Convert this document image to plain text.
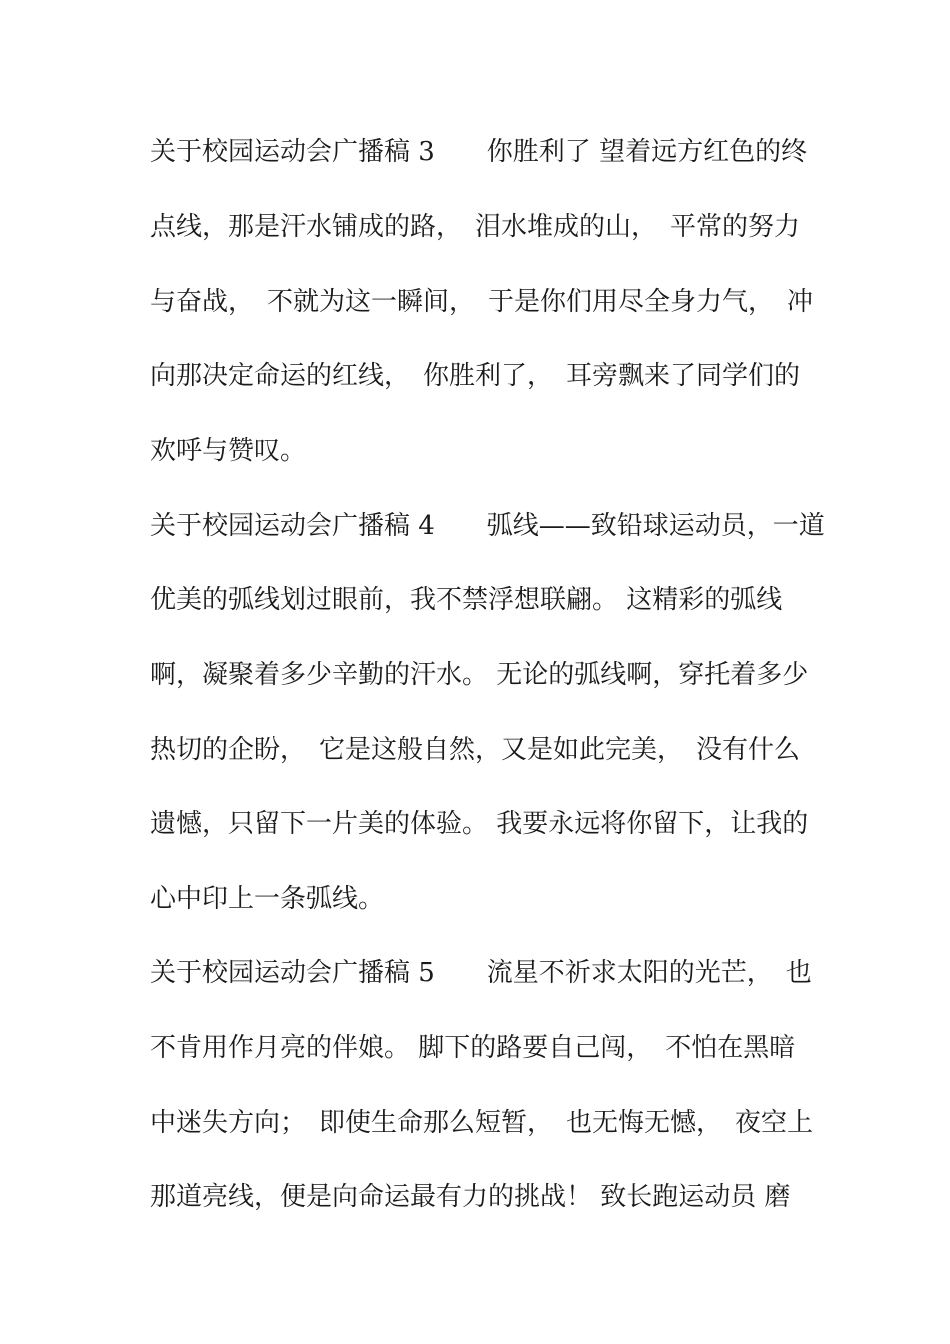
关于校园运动会广播稿 3　　你胜利了 望着远方红色的终
点线，那是汗水铺成的路，　泪水堆成的山，　平常的努力
与奋战，　不就为这一瞬间，　于是你们用尽全身力气，　冲
向那决定命运的红线，　你胜利了，　耳旁飘来了同学们的
欢呼与赞叹。
关于校园运动会广播稿 4　　弧线——致铅球运动员，一道
优美的弧线划过眼前，我不禁浮想联翩。 这精彩的弧线
啊，凝聚着多少辛勤的汗水。 无论的弧线啊，穿托着多少
热切的企盼，　它是这般自然，又是如此完美，　没有什么
遗憾，只留下一片美的体验。 我要永远将你留下，让我的
心中印上一条弧线。
关于校园运动会广播稿 5　　流星不祈求太阳的光芒，　也
不肯用作月亮的伴娘。 脚下的路要自己闯，　不怕在黑暗
中迷失方向；　即使生命那么短暂，　也无悔无憾，　夜空上
那道亮线，便是向命运最有力的挑战！ 致长跑运动员 磨
